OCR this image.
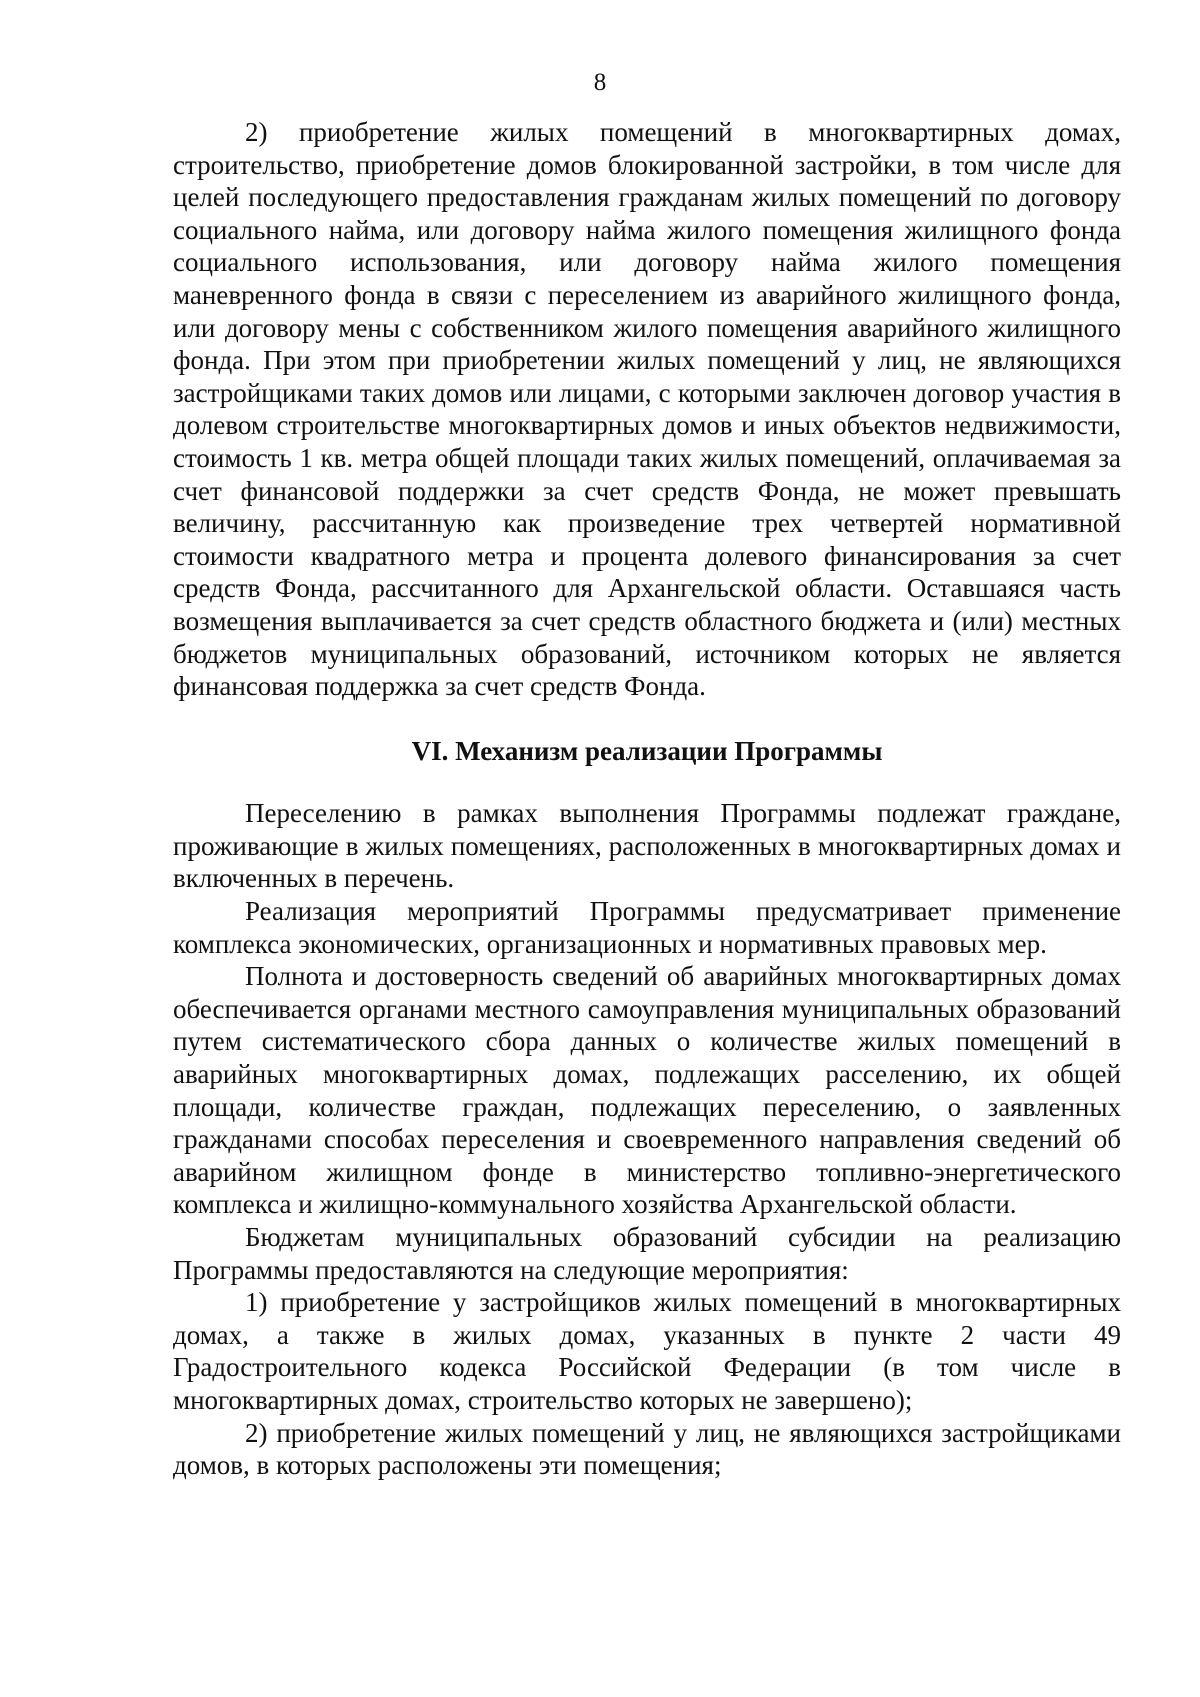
8

2) приобретение жилых помещений в многоквартирных домах, строительство, приобретение домов блокированной застройки, в том числе для целей последующего предоставления гражданам жилых помещений по договору социального найма, или договору найма жилого помещения жилищного фонда социального использования, или договору найма жилого помещения маневренного фонда в связи с переселением из аварийного жилищного фонда, или договору мены с собственником жилого помещения аварийного жилищного фонда. При этом при приобретении жилых помещений у лиц, не являющихся застройщиками таких домов или лицами, с которыми заключен договор участия в долевом строительстве многоквартирных домов и иных объектов недвижимости, стоимость 1 кв. метра общей площади таких жилых помещений, оплачиваемая за счет финансовой поддержки за счет средств Фонда, не может превышать величину, рассчитанную как произведение трех четвертей нормативной стоимости квадратного метра и процента долевого финансирования за счет средств Фонда, рассчитанного для Архангельской области. Оставшаяся часть возмещения выплачивается за счет средств областного бюджета и (или) местных бюджетов муниципальных образований, источником которых не является финансовая поддержка за счет средств Фонда.

VI. Механизм реализации Программы

Переселению в рамках выполнения Программы подлежат граждане, проживающие в жилых помещениях, расположенных в многоквартирных домах и включенных в перечень.

Реализация мероприятий Программы предусматривает применение комплекса экономических, организационных и нормативных правовых мер.

Полнота и достоверность сведений об аварийных многоквартирных домах обеспечивается органами местного самоуправления муниципальных образований путем систематического сбора данных о количестве жилых помещений в аварийных многоквартирных домах, подлежащих расселению, их общей площади, количестве граждан, подлежащих переселению, о заявленных гражданами способах переселения и своевременного направления сведений об аварийном жилищном фонде в министерство топливно-энергетического комплекса и жилищно-коммунального хозяйства Архангельской области.

Бюджетам муниципальных образований субсидии на реализацию Программы предоставляются на следующие мероприятия:

1) приобретение у застройщиков жилых помещений в многоквартирных домах, а также в жилых домах, указанных в пункте 2 части 49 Градостроительного кодекса Российской Федерации (в том числе в многоквартирных домах, строительство которых не завершено);

2) приобретение жилых помещений у лиц, не являющихся застройщиками домов, в которых расположены эти помещения;
